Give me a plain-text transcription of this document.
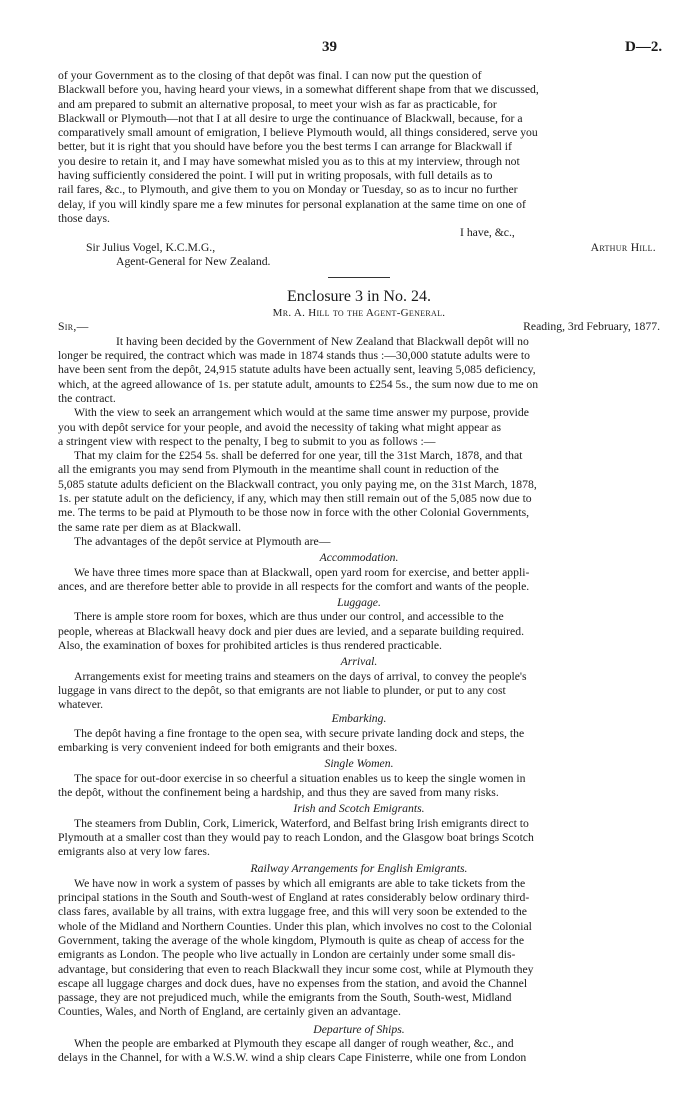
39	D—2.

of your Government as to the closing of that depôt was final. I can now put the question of

Blackwall before you, having heard your views, in a somewhat different shape from that we discussed,

and am prepared to submit an alternative proposal, to meet your wish as far as practicable, for

Blackwall or Plymouth—not that I at all desire to urge the continuance of Blackwall, because, for a

comparatively small amount of emigration, I believe Plymouth would, all things considered, serve you

better, but it is right that you should have before you the best terms I can arrange for Blackwall if

you desire to retain it, and I may have somewhat misled you as to this at my interview, through not

having sufficiently considered the point. I will put in writing proposals, with full details as to

rail fares, &c., to Plymouth, and give them to you on Monday or Tuesday, so as to incur no further

delay, if you will kindly spare me a few minutes for personal explanation at the same time on one of

those days.

I have, &c.,
Sir Julius Vogel, K.C.M.G.,	Arthur Hill.
Agent-General for New Zealand.

Enclosure 3 in No. 24.

Mr. A. Hill to the Agent-General.

Sir,—	Reading, 3rd February, 1877.

It having been decided by the Government of New Zealand that Blackwall depôt will no

longer be required, the contract which was made in 1874 stands thus :—30,000 statute adults were to

have been sent from the depôt, 24,915 statute adults have been actually sent, leaving 5,085 deficiency,

which, at the agreed allowance of 1s. per statute adult, amounts to £254 5s., the sum now due to me on

the contract.

With the view to seek an arrangement which would at the same time answer my purpose, provide

you with depôt service for your people, and avoid the necessity of taking what might appear as

a stringent view with respect to the penalty, I beg to submit to you as follows :—

That my claim for the £254 5s. shall be deferred for one year, till the 31st March, 1878, and that

all the emigrants you may send from Plymouth in the meantime shall count in reduction of the

5,085 statute adults deficient on the Blackwall contract, you only paying me, on the 31st March, 1878,

1s. per statute adult on the deficiency, if any, which may then still remain out of the 5,085 now due to

me. The terms to be paid at Plymouth to be those now in force with the other Colonial Governments,

the same rate per diem as at Blackwall.

The advantages of the depôt service at Plymouth are—

Accommodation.

We have three times more space than at Blackwall, open yard room for exercise, and better appli-

ances, and are therefore better able to provide in all respects for the comfort and wants of the people.

Luggage.

There is ample store room for boxes, which are thus under our control, and accessible to the

people, whereas at Blackwall heavy dock and pier dues are levied, and a separate building required.

Also, the examination of boxes for prohibited articles is thus rendered practicable.

Arrival.

Arrangements exist for meeting trains and steamers on the days of arrival, to convey the people's

luggage in vans direct to the depôt, so that emigrants are not liable to plunder, or put to any cost

whatever.

Embarking.

The depôt having a fine frontage to the open sea, with secure private landing dock and steps, the

embarking is very convenient indeed for both emigrants and their boxes.

Single Women.

The space for out-door exercise in so cheerful a situation enables us to keep the single women in

the depôt, without the confinement being a hardship, and thus they are saved from many risks.

Irish and Scotch Emigrants.

The steamers from Dublin, Cork, Limerick, Waterford, and Belfast bring Irish emigrants direct to

Plymouth at a smaller cost than they would pay to reach London, and the Glasgow boat brings Scotch

emigrants also at very low fares.

Railway Arrangements for English Emigrants.

We have now in work a system of passes by which all emigrants are able to take tickets from the

principal stations in the South and South-west of England at rates considerably below ordinary third-

class fares, available by all trains, with extra luggage free, and this will very soon be extended to the

whole of the Midland and Northern Counties. Under this plan, which involves no cost to the Colonial

Government, taking the average of the whole kingdom, Plymouth is quite as cheap of access for the

emigrants as London. The people who live actually in London are certainly under some small dis-

advantage, but considering that even to reach Blackwall they incur some cost, while at Plymouth they

escape all luggage charges and dock dues, have no expenses from the station, and avoid the Channel

passage, they are not prejudiced much, while the emigrants from the South, South-west, Midland

Counties, Wales, and North of England, are certainly given an advantage.

Departure of Ships.

When the people are embarked at Plymouth they escape all danger of rough weather, &c., and

delays in the Channel, for with a W.S.W. wind a ship clears Cape Finisterre, while one from London
